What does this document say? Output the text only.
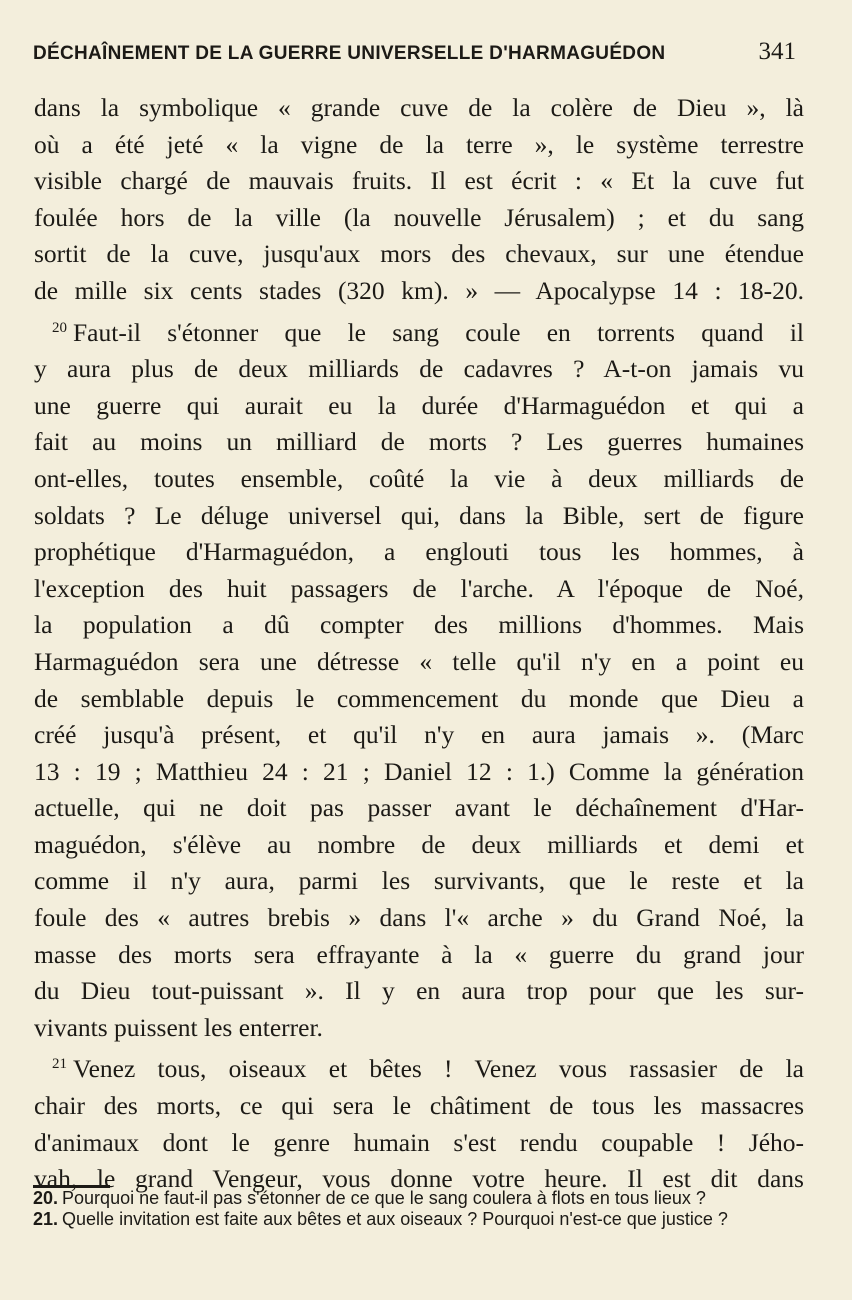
DÉCHAÎNEMENT DE LA GUERRE UNIVERSELLE D'HARMAGUÉDON	341

dans la symbolique « grande cuve de la colère de Dieu », là

où a été jeté « la vigne de la terre », le système terrestre

visible chargé de mauvais fruits. Il est écrit : « Et la cuve fut

foulée hors de la ville (la nouvelle Jérusalem) ; et du sang

sortit de la cuve, jusqu'aux mors des chevaux, sur une étendue

de mille six cents stades (320 km). » — Apocalypse 14 : 18-20.

$^{20}$ Faut-il s'étonner que le sang coule en torrents quand il

y aura plus de deux milliards de cadavres ? A-t-on jamais vu

une guerre qui aurait eu la durée d'Harmaguédon et qui a

fait au moins un milliard de morts ? Les guerres humaines

ont-elles, toutes ensemble, coûté la vie à deux milliards de

soldats ? Le déluge universel qui, dans la Bible, sert de figure

prophétique d'Harmaguédon, a englouti tous les hommes, à

l'exception des huit passagers de l'arche. A l'époque de Noé,

la population a dû compter des millions d'hommes. Mais

Harmaguédon sera une détresse « telle qu'il n'y en a point eu

de semblable depuis le commencement du monde que Dieu a

créé jusqu'à présent, et qu'il n'y en aura jamais ». (Marc

13 : 19 ; Matthieu 24 : 21 ; Daniel 12 : 1.) Comme la génération

actuelle, qui ne doit pas passer avant le déchaînement d'Har-

maguédon, s'élève au nombre de deux milliards et demi et

comme il n'y aura, parmi les survivants, que le reste et la

foule des « autres brebis » dans l'« arche » du Grand Noé, la

masse des morts sera effrayante à la « guerre du grand jour

du Dieu tout-puissant ». Il y en aura trop pour que les sur-

vivants puissent les enterrer.

$^{21}$ Venez tous, oiseaux et bêtes ! Venez vous rassasier de la

chair des morts, ce qui sera le châtiment de tous les massacres

d'animaux dont le genre humain s'est rendu coupable ! Jého-

vah, le grand Vengeur, vous donne votre heure. Il est dit dans

20. Pourquoi ne faut-il pas s'étonner de ce que le sang coulera à flots en tous lieux ?

21. Quelle invitation est faite aux bêtes et aux oiseaux ? Pourquoi n'est-ce que justice ?
